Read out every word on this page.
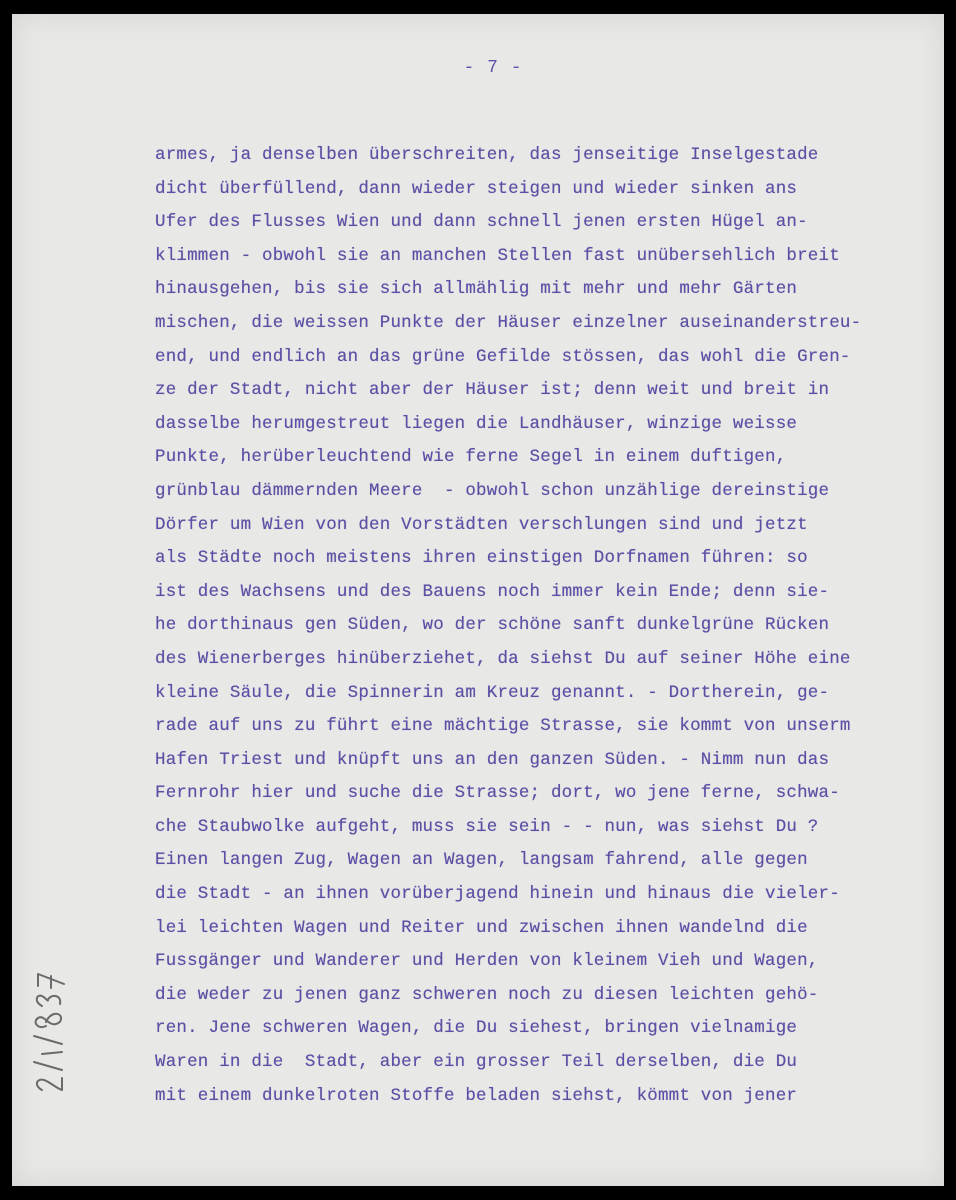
- 7 -
armes, ja denselben überschreiten, das jenseitige Inselgestade
dicht überfüllend, dann wieder steigen und wieder sinken ans
Ufer des Flusses Wien und dann schnell jenen ersten Hügel an-
klimmen - obwohl sie an manchen Stellen fast unübersehlich breit
hinausgehen, bis sie sich allmählig mit mehr und mehr Gärten
mischen, die weissen Punkte der Häuser einzelner auseinanderstreu-
end, und endlich an das grüne Gefilde stössen, das wohl die Gren-
ze der Stadt, nicht aber der Häuser ist; denn weit und breit in
dasselbe herumgestreut liegen die Landhäuser, winzige weisse
Punkte, herüberleuchtend wie ferne Segel in einem duftigen,
grünblau dämmernden Meere  - obwohl schon unzählige dereinstige
Dörfer um Wien von den Vorstädten verschlungen sind und jetzt
als Städte noch meistens ihren einstigen Dorfnamen führen: so
ist des Wachsens und des Bauens noch immer kein Ende; denn sie-
he dorthinaus gen Süden, wo der schöne sanft dunkelgrüne Rücken
des Wienerberges hinüberziehet, da siehst Du auf seiner Höhe eine
kleine Säule, die Spinnerin am Kreuz genannt. - Dortherein, ge-
rade auf uns zu führt eine mächtige Strasse, sie kommt von unserm
Hafen Triest und knüpft uns an den ganzen Süden. - Nimm nun das
Fernrohr hier und suche die Strasse; dort, wo jene ferne, schwa-
che Staubwolke aufgeht, muss sie sein - - nun, was siehst Du ?
Einen langen Zug, Wagen an Wagen, langsam fahrend, alle gegen
die Stadt - an ihnen vorüberjagend hinein und hinaus die vieler-
lei leichten Wagen und Reiter und zwischen ihnen wandelnd die
Fussgänger und Wanderer und Herden von kleinem Vieh und Wagen,
die weder zu jenen ganz schweren noch zu diesen leichten gehö-
ren. Jene schweren Wagen, die Du siehest, bringen vielnamige
Waren in die  Stadt, aber ein grosser Teil derselben, die Du
mit einem dunkelroten Stoffe beladen siehst, kömmt von jener
